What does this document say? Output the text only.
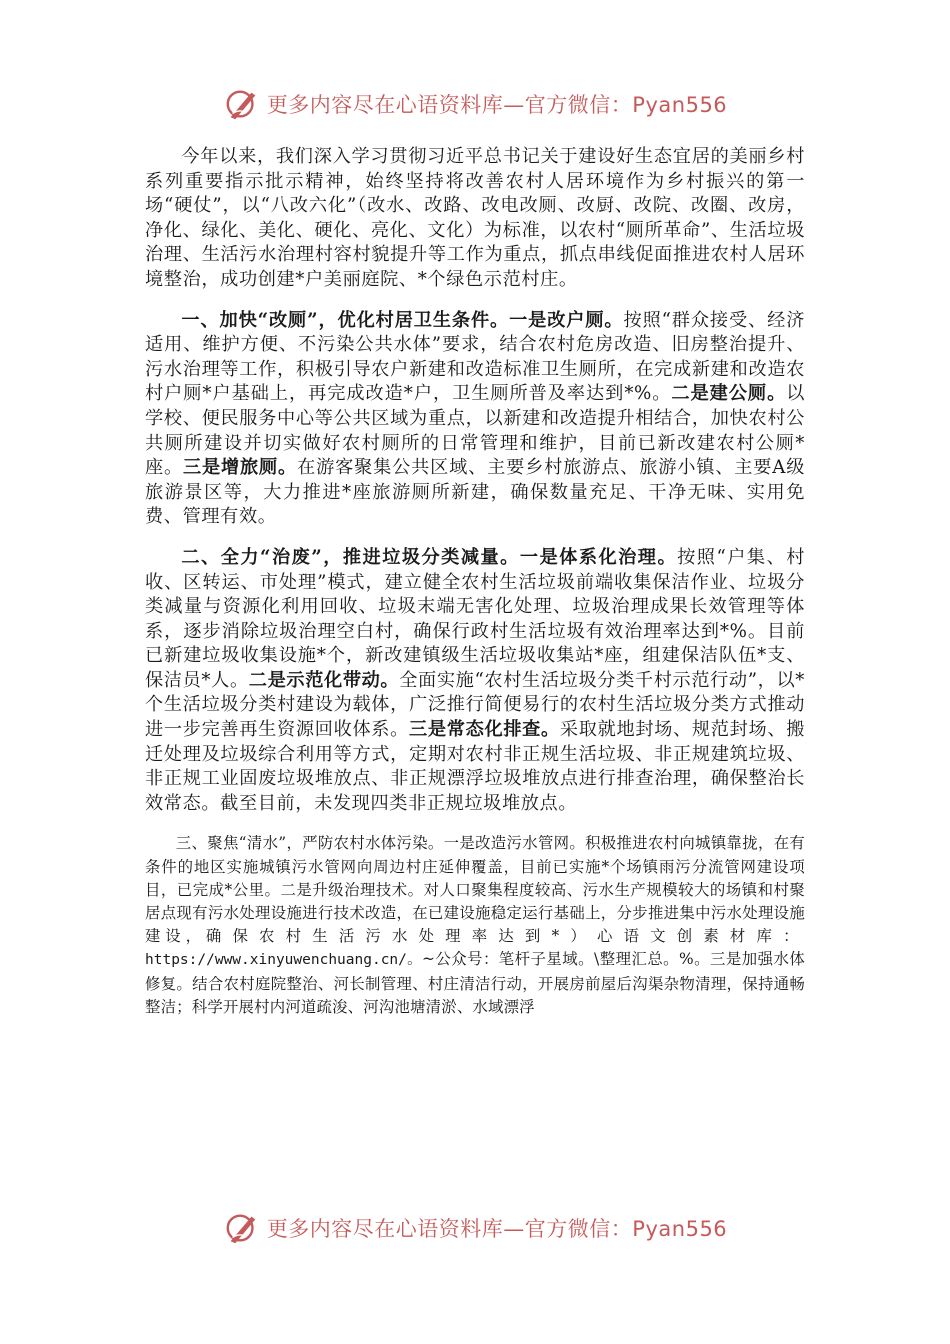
更多内容尽在心语资料库—官方微信：Pyan556

今年以来，我们深入学习贯彻习近平总书记关于建设好生态宜居的美丽乡村系列重要指示批示精神，始终坚持将改善农村人居环境作为乡村振兴的第一场“硬仗”，以“八改六化”（改水、改路、改电改厕、改厨、改院、改圈、改房，净化、绿化、美化、硬化、亮化、文化）为标准，以农村“厕所革命”、生活垃圾治理、生活污水治理村容村貌提升等工作为重点，抓点串线促面推进农村人居环境整治，成功创建*户美丽庭院、*个绿色示范村庄。

一、加快“改厕”，优化村居卫生条件。一是改户厕。按照“群众接受、经济适用、维护方便、不污染公共水体”要求，结合农村危房改造、旧房整治提升、污水治理等工作，积极引导农户新建和改造标准卫生厕所，在完成新建和改造农村户厕*户基础上，再完成改造*户，卫生厕所普及率达到*%。二是建公厕。以学校、便民服务中心等公共区域为重点，以新建和改造提升相结合，加快农村公共厕所建设并切实做好农村厕所的日常管理和维护，目前已新改建农村公厕*座。三是增旅厕。在游客聚集公共区域、主要乡村旅游点、旅游小镇、主要A级旅游景区等，大力推进*座旅游厕所新建，确保数量充足、干净无味、实用免费、管理有效。

二、全力“治废”，推进垃圾分类减量。一是体系化治理。按照“户集、村收、区转运、市处理”模式，建立健全农村生活垃圾前端收集保洁作业、垃圾分类减量与资源化利用回收、垃圾末端无害化处理、垃圾治理成果长效管理等体系，逐步消除垃圾治理空白村，确保行政村生活垃圾有效治理率达到*%。目前已新建垃圾收集设施*个，新改建镇级生活垃圾收集站*座，组建保洁队伍*支、保洁员*人。二是示范化带动。全面实施“农村生活垃圾分类千村示范行动”，以*个生活垃圾分类村建设为载体，广泛推行简便易行的农村生活垃圾分类方式推动进一步完善再生资源回收体系。三是常态化排查。采取就地封场、规范封场、搬迁处理及垃圾综合利用等方式，定期对农村非正规生活垃圾、非正规建筑垃圾、非正规工业固废垃圾堆放点、非正规漂浮垃圾堆放点进行排查治理，确保整治长效常态。截至目前，未发现四类非正规垃圾堆放点。

三、聚焦“清水”，严防农村水体污染。一是改造污水管网。积极推进农村向城镇靠拢，在有条件的地区实施城镇污水管网向周边村庄延伸覆盖，目前已实施*个场镇雨污分流管网建设项目，已完成*公里。二是升级治理技术。对人口聚集程度较高、污水生产规模较大的场镇和村聚居点现有污水处理设施进行技术改造，在已建设施稳定运行基础上，分步推进集中污水处理设施建设，确保农村生活污水处理率达到*）心语文创素材库：https://www.xinyuwenchuang.cn/。~公众号：笔杆子星域。\整理汇总。%。三是加强水体修复。结合农村庭院整治、河长制管理、村庄清洁行动，开展房前屋后沟渠杂物清理，保持通畅整洁；科学开展村内河道疏浚、河沟池塘清淤、水域漂浮

更多内容尽在心语资料库—官方微信：Pyan556
